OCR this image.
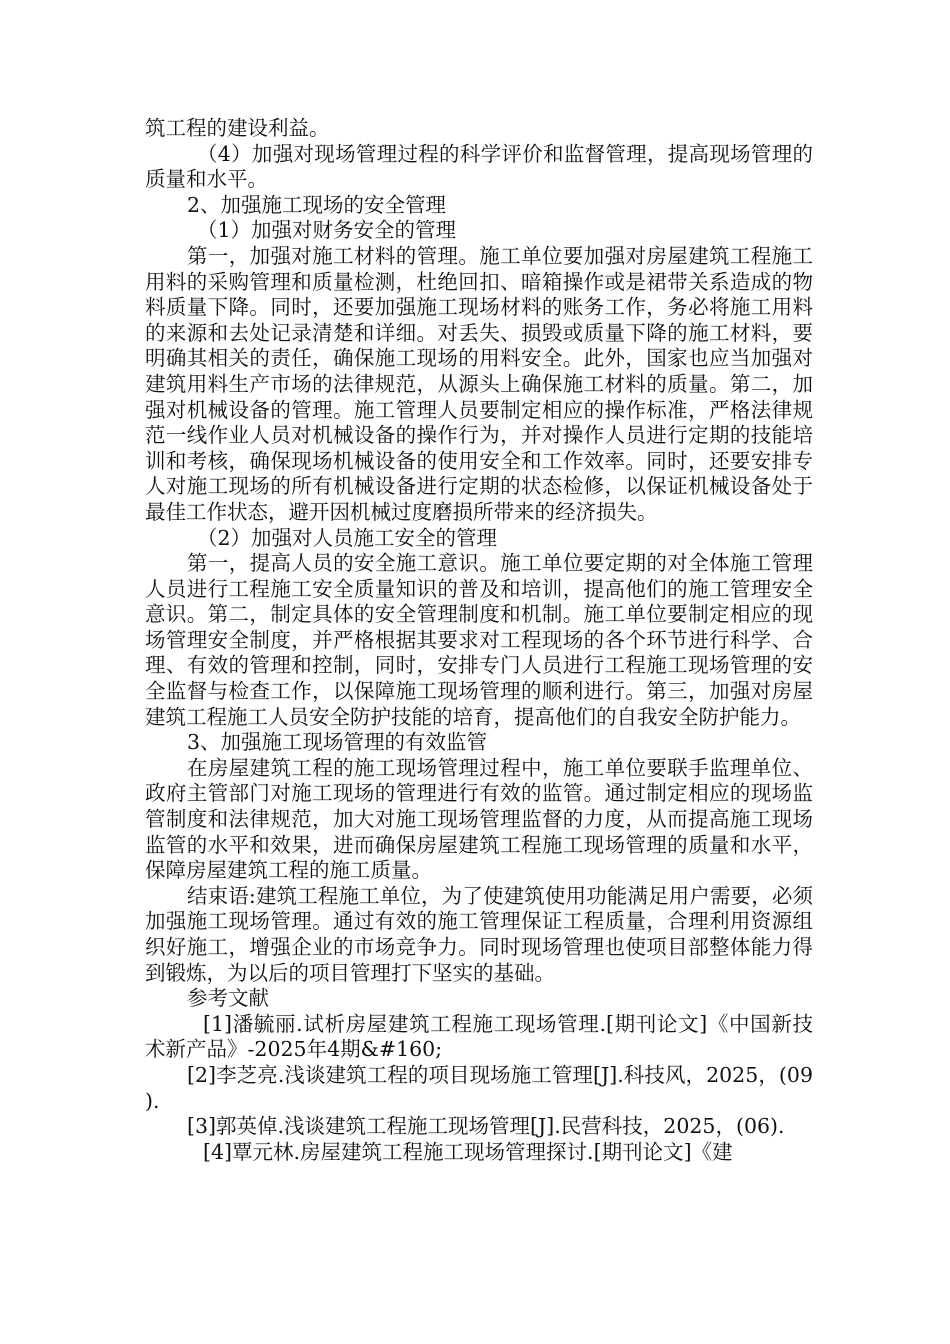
筑工程的建设利益。

（4）加强对现场管理过程的科学评价和监督管理，提高现场管理的质量和水平。

2、加强施工现场的安全管理

（1）加强对财务安全的管理

第一，加强对施工材料的管理。施工单位要加强对房屋建筑工程施工用料的采购管理和质量检测，杜绝回扣、暗箱操作或是裙带关系造成的物料质量下降。同时，还要加强施工现场材料的账务工作，务必将施工用料的来源和去处记录清楚和详细。对丢失、损毁或质量下降的施工材料，要明确其相关的责任，确保施工现场的用料安全。此外，国家也应当加强对建筑用料生产市场的法律规范，从源头上确保施工材料的质量。第二，加强对机械设备的管理。施工管理人员要制定相应的操作标准，严格法律规范一线作业人员对机械设备的操作行为，并对操作人员进行定期的技能培训和考核，确保现场机械设备的使用安全和工作效率。同时，还要安排专人对施工现场的所有机械设备进行定期的状态检修，以保证机械设备处于最佳工作状态，避开因机械过度磨损所带来的经济损失。

（2）加强对人员施工安全的管理

第一，提高人员的安全施工意识。施工单位要定期的对全体施工管理人员进行工程施工安全质量知识的普及和培训，提高他们的施工管理安全意识。第二，制定具体的安全管理制度和机制。施工单位要制定相应的现场管理安全制度，并严格根据其要求对工程现场的各个环节进行科学、合理、有效的管理和控制，同时，安排专门人员进行工程施工现场管理的安全监督与检查工作，以保障施工现场管理的顺利进行。第三，加强对房屋建筑工程施工人员安全防护技能的培育，提高他们的自我安全防护能力。

3、加强施工现场管理的有效监管

在房屋建筑工程的施工现场管理过程中，施工单位要联手监理单位、政府主管部门对施工现场的管理进行有效的监管。通过制定相应的现场监管制度和法律规范，加大对施工现场管理监督的力度，从而提高施工现场监管的水平和效果，进而确保房屋建筑工程施工现场管理的质量和水平，保障房屋建筑工程的施工质量。

结束语:建筑工程施工单位，为了使建筑使用功能满足用户需要，必须加强施工现场管理。通过有效的施工管理保证工程质量，合理利用资源组织好施工，增强企业的市场竞争力。同时现场管理也使项目部整体能力得到锻炼，为以后的项目管理打下坚实的基础。

参考文献

[1]潘毓丽.试析房屋建筑工程施工现场管理.[期刊论文]《中国新技术新产品》-2025年4期&#160;

[2]李芝亮.浅谈建筑工程的项目现场施工管理[J].科技风，2025，(09).

[3]郭英倬.浅谈建筑工程施工现场管理[J].民营科技，2025，(06).

[4]覃元林.房屋建筑工程施工现场管理探讨.[期刊论文]《建
